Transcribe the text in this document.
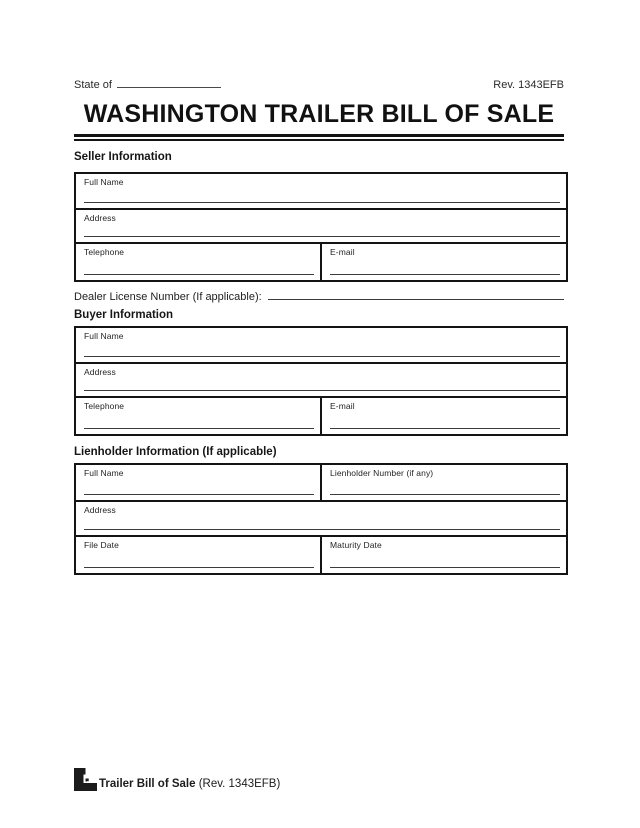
State of	Rev. 1343EFB
WASHINGTON TRAILER BILL OF SALE
Seller Information
Full Name
Address
Telephone	E-mail
Dealer License Number (If applicable):
Buyer Information
Full Name
Address
Telephone	E-mail
Lienholder Information (If applicable)
Full Name	Lienholder Number (if any)
Address
File Date	Maturity Date
Trailer Bill of Sale (Rev. 1343EFB)
